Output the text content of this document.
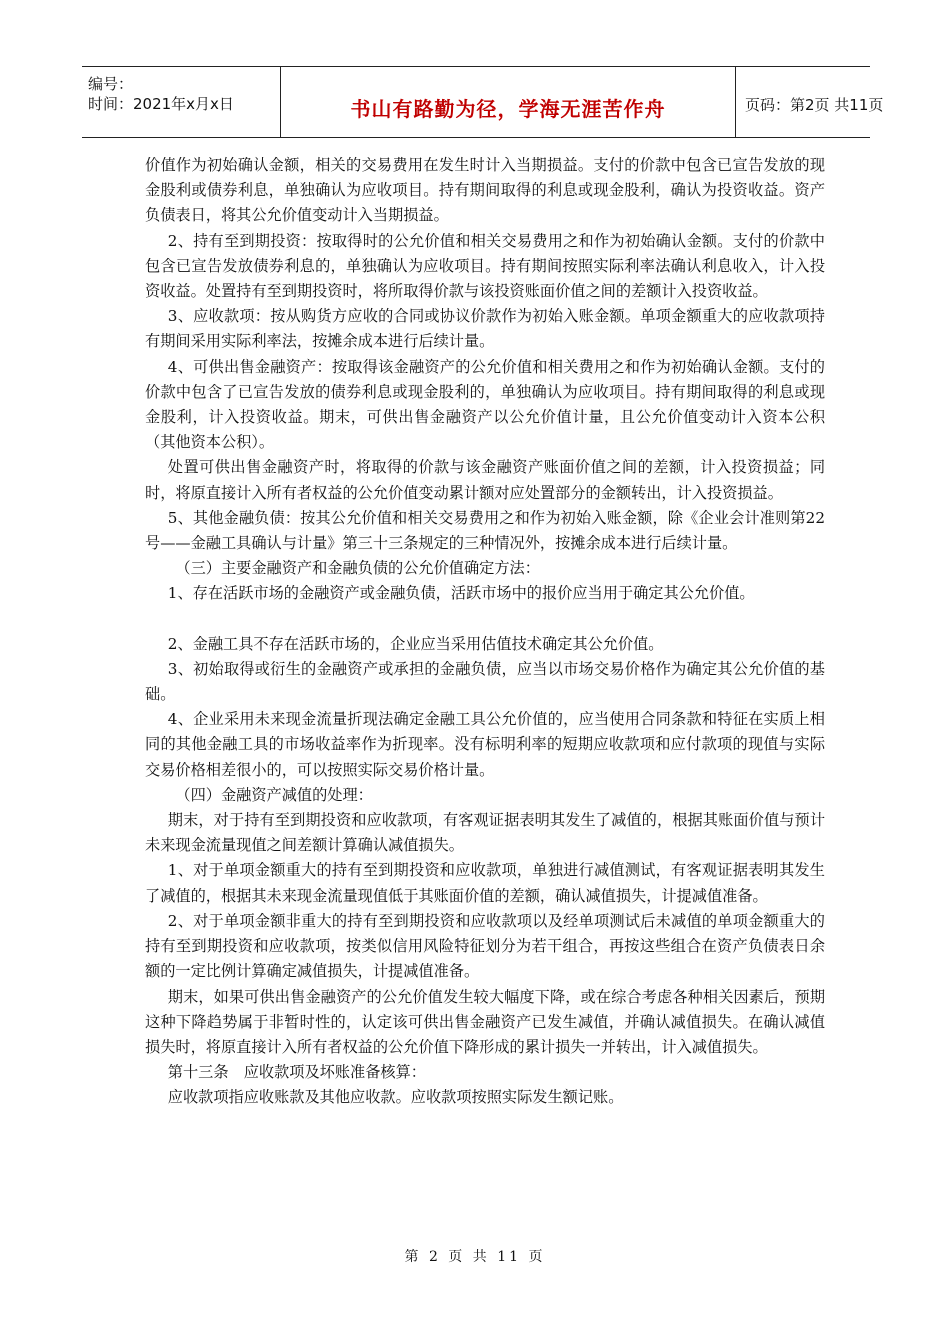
编号：
时间：2021年x月x日	书山有路勤为径，学海无涯苦作舟	页码：第2页 共11页

价值作为初始确认金额，相关的交易费用在发生时计入当期损益。支付的价款中包含已宣告发放的现金股利或债券利息，单独确认为应收项目。持有期间取得的利息或现金股利，确认为投资收益。资产负债表日，将其公允价值变动计入当期损益。

2、持有至到期投资：按取得时的公允价值和相关交易费用之和作为初始确认金额。支付的价款中包含已宣告发放债券利息的，单独确认为应收项目。持有期间按照实际利率法确认利息收入，计入投资收益。处置持有至到期投资时，将所取得价款与该投资账面价值之间的差额计入投资收益。

3、应收款项：按从购货方应收的合同或协议价款作为初始入账金额。单项金额重大的应收款项持有期间采用实际利率法，按摊余成本进行后续计量。

4、可供出售金融资产：按取得该金融资产的公允价值和相关费用之和作为初始确认金额。支付的价款中包含了已宣告发放的债券利息或现金股利的，单独确认为应收项目。持有期间取得的利息或现金股利，计入投资收益。期末，可供出售金融资产以公允价值计量，且公允价值变动计入资本公积（其他资本公积）。

处置可供出售金融资产时，将取得的价款与该金融资产账面价值之间的差额，计入投资损益；同时，将原直接计入所有者权益的公允价值变动累计额对应处置部分的金额转出，计入投资损益。

5、其他金融负债：按其公允价值和相关交易费用之和作为初始入账金额，除《企业会计准则第22号——金融工具确认与计量》第三十三条规定的三种情况外，按摊余成本进行后续计量。

（三）主要金融资产和金融负债的公允价值确定方法：

1、存在活跃市场的金融资产或金融负债，活跃市场中的报价应当用于确定其公允价值。

2、金融工具不存在活跃市场的，企业应当采用估值技术确定其公允价值。

3、初始取得或衍生的金融资产或承担的金融负债，应当以市场交易价格作为确定其公允价值的基础。

4、企业采用未来现金流量折现法确定金融工具公允价值的，应当使用合同条款和特征在实质上相同的其他金融工具的市场收益率作为折现率。没有标明利率的短期应收款项和应付款项的现值与实际交易价格相差很小的，可以按照实际交易价格计量。

（四）金融资产减值的处理：

期末，对于持有至到期投资和应收款项，有客观证据表明其发生了减值的，根据其账面价值与预计未来现金流量现值之间差额计算确认减值损失。

1、对于单项金额重大的持有至到期投资和应收款项，单独进行减值测试，有客观证据表明其发生了减值的，根据其未来现金流量现值低于其账面价值的差额，确认减值损失，计提减值准备。

2、对于单项金额非重大的持有至到期投资和应收款项以及经单项测试后未减值的单项金额重大的持有至到期投资和应收款项，按类似信用风险特征划分为若干组合，再按这些组合在资产负债表日余额的一定比例计算确定减值损失，计提减值准备。

期末，如果可供出售金融资产的公允价值发生较大幅度下降，或在综合考虑各种相关因素后，预期这种下降趋势属于非暂时性的，认定该可供出售金融资产已发生减值，并确认减值损失。在确认减值损失时，将原直接计入所有者权益的公允价值下降形成的累计损失一并转出，计入减值损失。

第十三条　应收款项及坏账准备核算：

应收款项指应收账款及其他应收款。应收款项按照实际发生额记账。

第 2 页 共 11 页
